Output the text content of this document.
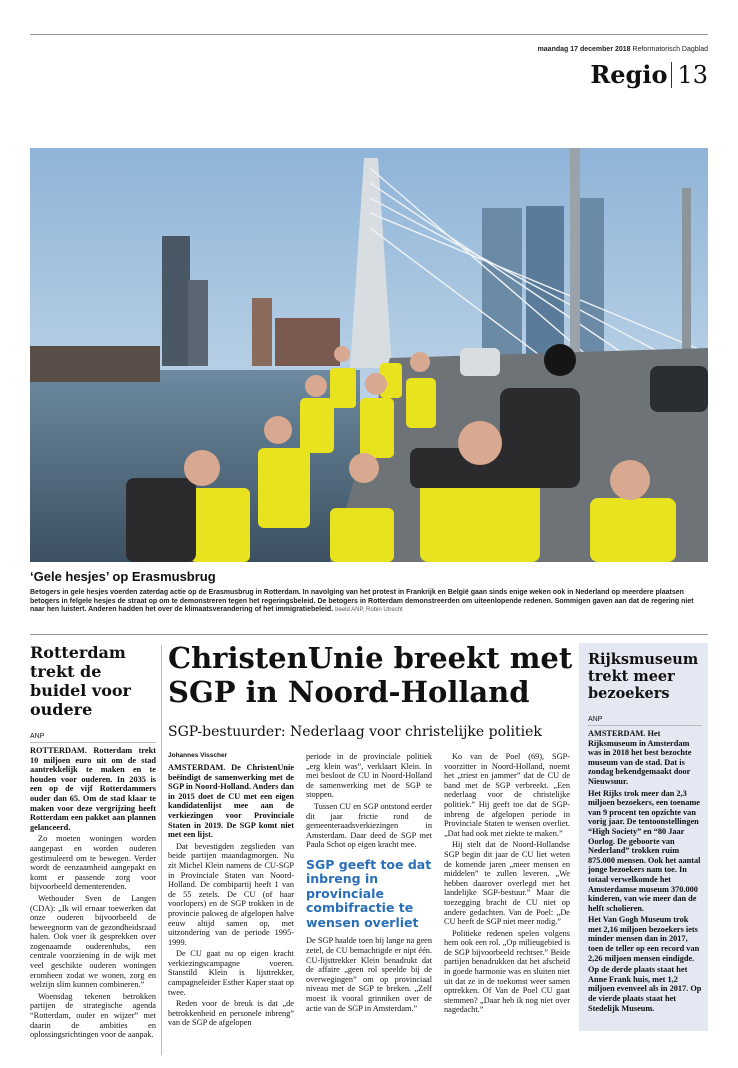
maandag 17 december 2018 Reformatorisch Dagblad
Regio 13
‘Gele hesjes’ op Erasmusbrug
Betogers in gele hesjes voerden zaterdag actie op de Erasmusbrug in Rotterdam. In navolging van het protest in Frankrijk en België gaan sinds enige weken ook in Nederland op meerdere plaatsen betogers in felgele hesjes de straat op om te demonstreren tegen het regeringsbeleid. De betogers in Rotterdam demonstreerden om uiteenlopende redenen. Sommigen gaven aan dat de regering niet naar hen luistert. Anderen hadden het over de klimaatsverandering of het immigratiebeleid. beeld ANP, Robin Utrecht
Rotterdam trekt de buidel voor oudere
ANP

ROTTERDAM. Rotterdam trekt 10 miljoen euro uit om de stad aantrekkelijk te maken en te houden voor ouderen. In 2035 is een op de vijf Rotterdammers ouder dan 65. Om de stad klaar te maken voor deze vergrijzing heeft Rotterdam een pakket aan plannen gelanceerd.

Zo moeten woningen worden aangepast en worden ouderen gestimuleerd om te bewegen. Verder wordt de eenzaamheid aangepakt en komt er passende zorg voor bijvoorbeeld dementerenden.

Wethouder Sven de Langen (CDA): „Ik wil ernaar toewerken dat onze ouderen bijvoorbeeld de beweegnorm van de gezondheidsraad halen. Ook voer ik gesprekken over zogenaamde ouderenhubs, een centrale voorziening in de wijk met veel geschikte ouderen woningen eromheen zodat we wonen, zorg en welzijn slim kunnen combineren.”

Woensdag tekenen betrokken partijen de strategische agenda “Rotterdam, ouder en wijzer” met daarin de ambities en oplossingsrichtingen voor de aanpak.

ChristenUnie breekt met SGP in Noord-Holland
SGP-bestuurder: Nederlaag voor christelijke politiek
Johannes Visscher

AMSTERDAM. De ChristenUnie beëindigt de samenwerking met de SGP in Noord-Holland. Anders dan in 2015 doet de CU met een eigen kandidatenlijst mee aan de verkiezingen voor Provinciale Staten in 2019. De SGP komt niet met een lijst.

Dat bevestigden zegslieden van beide partijen maandagmorgen. Nu zit Michel Klein namens de CU-SGP in Provinciale Staten van Noord-Holland. De combipartij heeft 1 van de 55 zetels. De CU (of haar voorlopers) en de SGP trokken in de provincie pakweg de afgelopen halve eeuw altijd samen op, met uitzondering van de periode 1995-1999.

De CU gaat nu op eigen kracht verkiezingscampagne voeren. Stanstild Klein is lijsttrekker, campagneleider Esther Kaper staat op twee.

Reden voor de breuk is dat „de betrokkenheid en personele inbreng” van de SGP de afgelopen

periode in de provinciale politiek „erg klein was”, verklaart Klein. In mei besloot de CU in Noord-Holland de samenwerking met de SGP te stoppen.

Tussen CU en SGP ontstond eerder dit jaar frictie rond de gemeenteraadsverkiezingen in Amsterdam. Daar deed de SGP met Paula Schot op eigen kracht mee.

SGP geeft toe dat inbreng in provinciale combifractie te wensen overliet

De SGP haalde toen bij lange na geen zetel, de CU bemachtigde er nipt één. CU-lijsttrekker Klein benadrukt dat de affaire „geen rol speelde bij de overwegingen” om op provinciaal niveau met de SGP te breken. „Zelf moest ik vooral grinniken over de actie van de SGP in Amsterdam.”

Ko van de Poel (69), SGP-voorzitter in Noord-Holland, noemt het „triest en jammer” dat de CU de band met de SGP verbreekt. „Een nederlaag voor de christelijke politiek.” Hij geeft toe dat de SGP-inbreng de afgelopen periode in Provinciale Staten te wensen overliet. „Dat had ook met ziekte te maken.”

Hij stelt dat de Noord-Hollandse SGP begin dit jaar de CU liet weten de komende jaren „meer mensen en middelen” te zullen leveren. „We hebben daarover overlegd met het landelijke SGP-bestuur.” Maar die toezegging bracht de CU niet op andere gedachten. Van de Poel: „De CU heeft de SGP niet meer nodig.”

Politieke redenen spelen volgens hem ook een rol. „Op milieugebied is de SGP bijvoorbeeld rechtser.” Beide partijen benadrukken dat het afscheid in goede harmonie was en sluiten niet uit dat ze in de toekomst weer samen optrekken. Of Van de Poel CU gaat stemmen? „Daar heb ik nog niet over nagedacht.”

Rijksmuseum trekt meer bezoekers
ANP

AMSTERDAM. Het Rijksmuseum in Amsterdam was in 2018 het best bezochte museum van de stad. Dat is zondag bekendgemaakt door Nieuwsuur.

Het Rijks trok meer dan 2,3 miljoen bezoekers, een toename van 9 procent ten opzichte van vorig jaar. De tentoonstellingen “High Society” en “80 Jaar Oorlog. De geboorte van Nederland” trokken ruim 875.000 mensen. Ook het aantal jonge bezoekers nam toe. In totaal verwelkomde het Amsterdamse museum 370.000 kinderen, van wie meer dan de helft scholieren.

Het Van Gogh Museum trok met 2,16 miljoen bezoekers iets minder mensen dan in 2017, toen de teller op een record van 2,26 miljoen mensen eindigde.

Op de derde plaats staat het Anne Frank huis, met 1,2 miljoen evenveel als in 2017. Op de vierde plaats staat het Stedelijk Museum.
